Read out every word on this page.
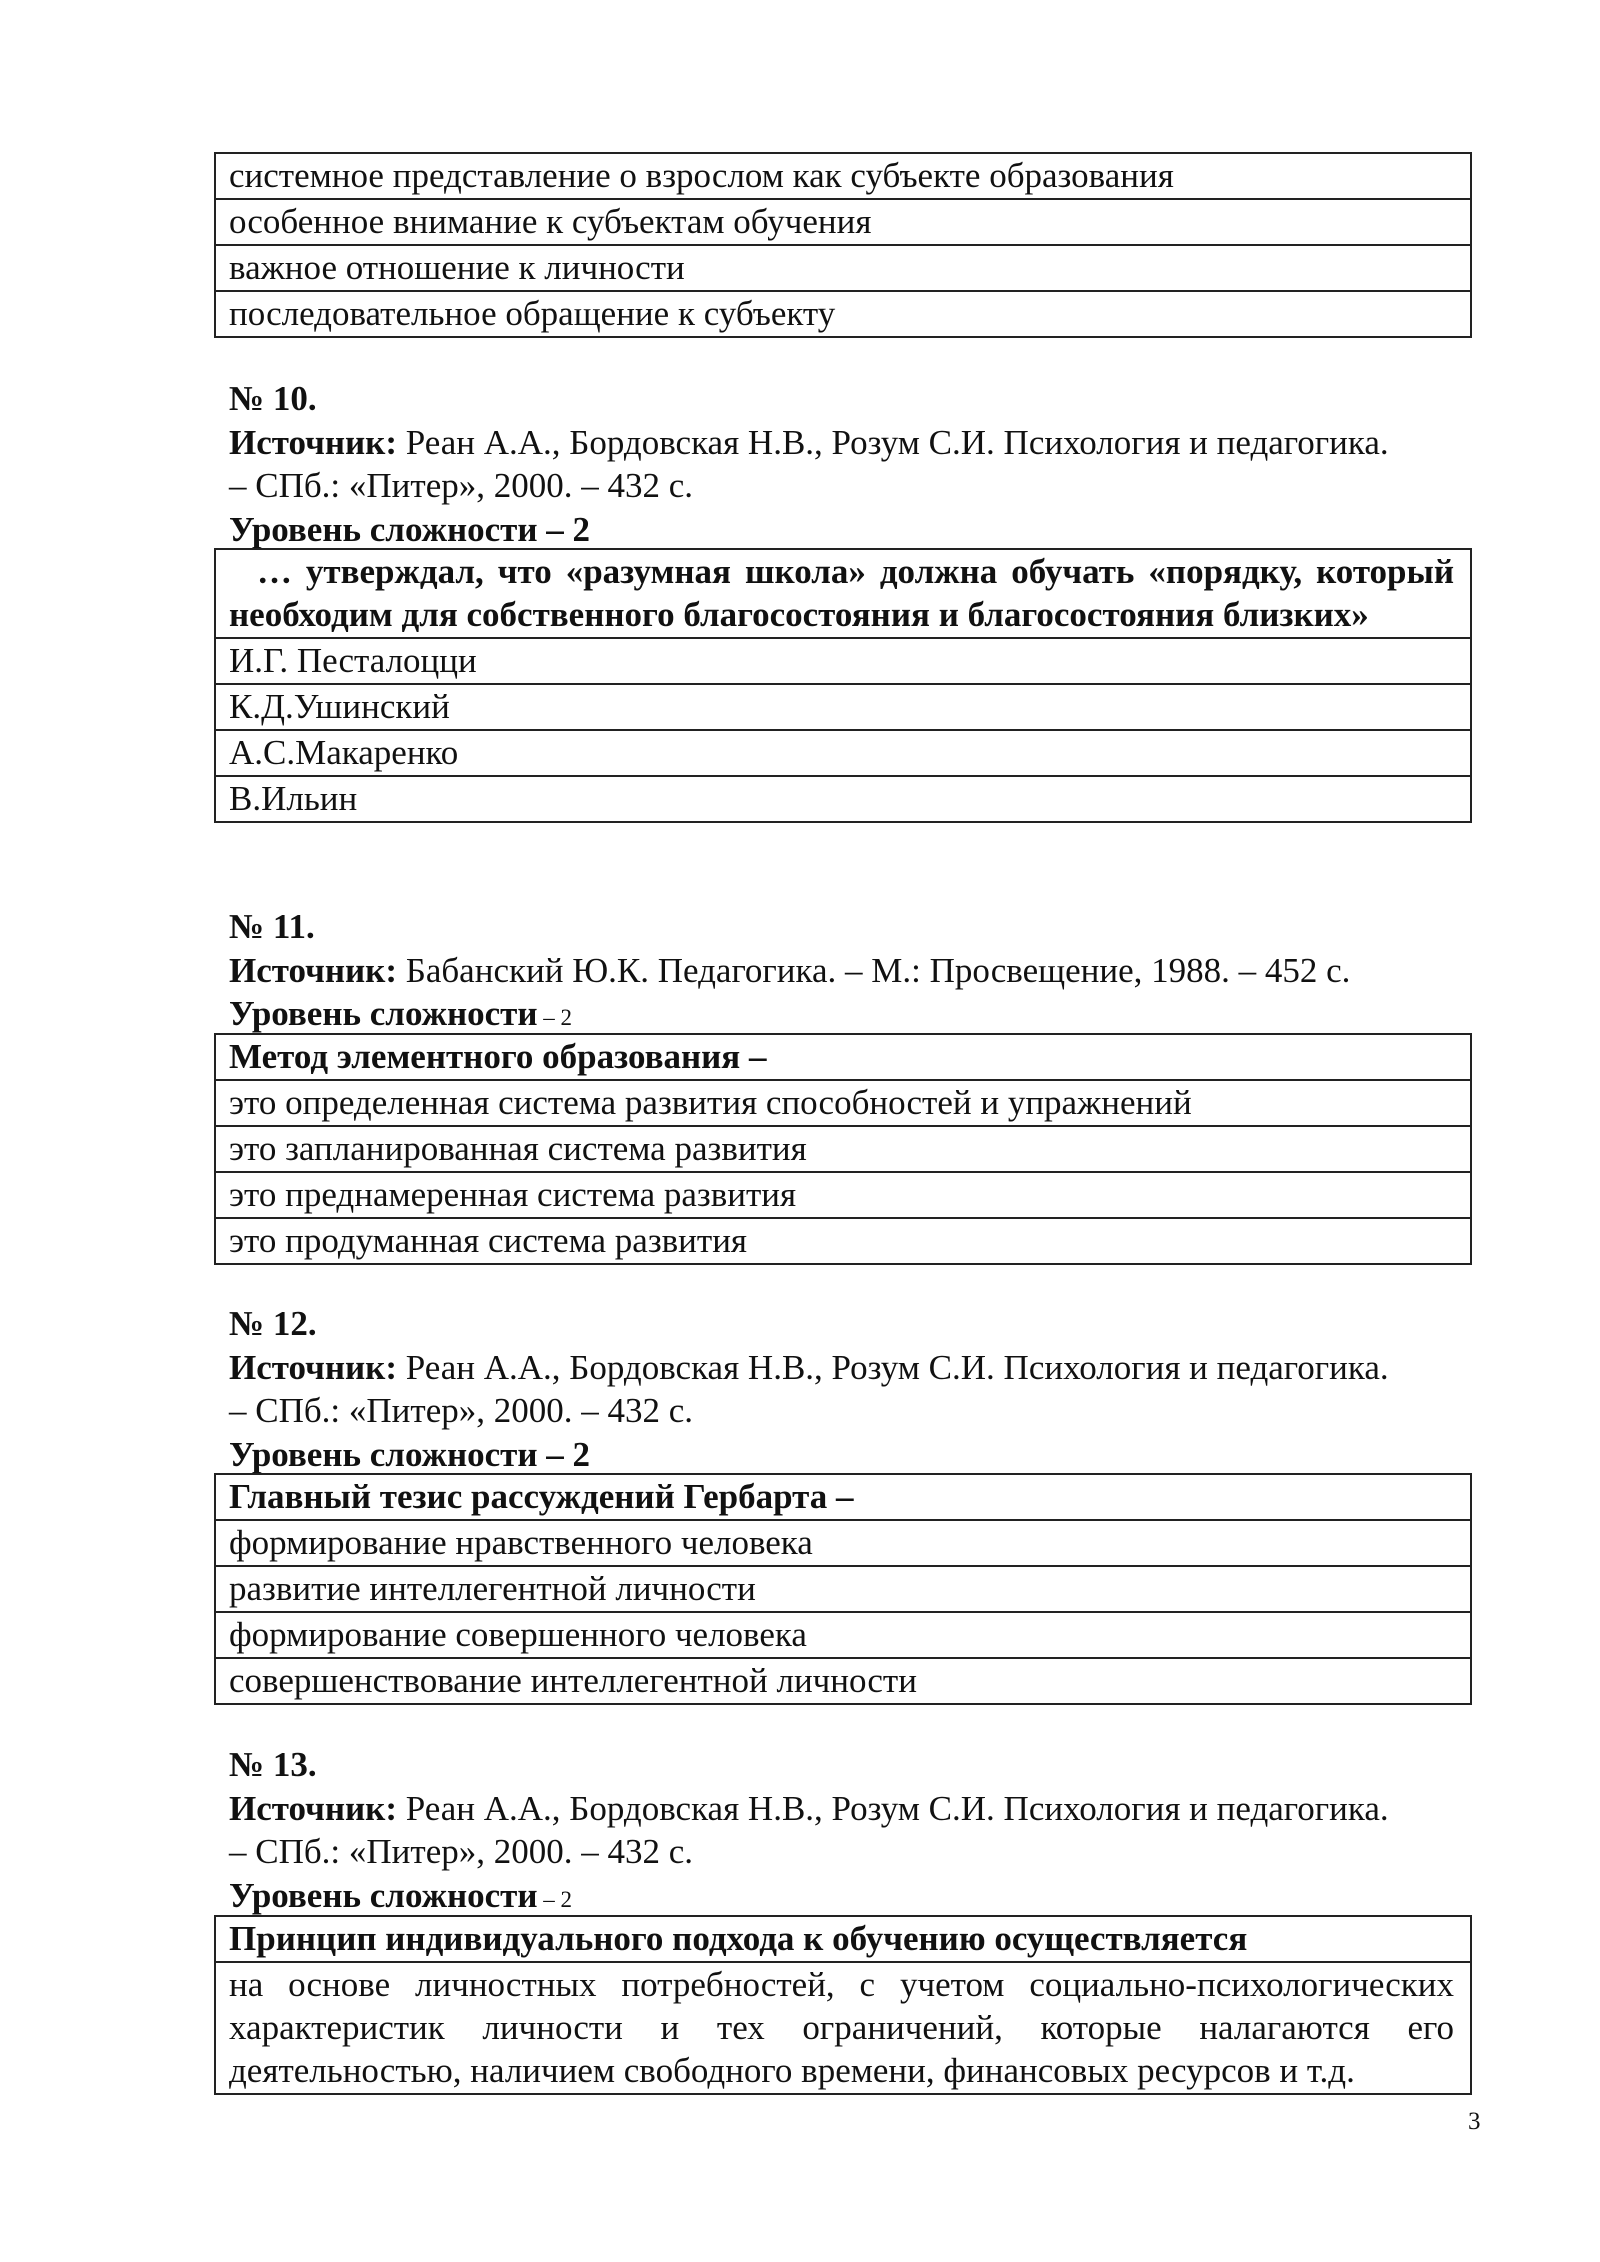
системное представление о взрослом как субъекте образования
особенное внимание к субъектам обучения
важное отношение к личности
последовательное обращение к субъекту
№ 10.
Источник: Реан А.А., Бордовская Н.В., Розум С.И. Психология и педагогика.
– СПб.: «Питер», 2000. – 432 с.
Уровень сложности – 2
… утверждал, что «разумная школа» должна обучать «порядку, который необходим для собственного благосостояния и благосостояния близких»
И.Г. Песталоцци
К.Д.Ушинский
А.С.Макаренко
В.Ильин
№ 11.
Источник: Бабанский Ю.К. Педагогика. – М.: Просвещение, 1988. – 452 с.
Уровень сложности – 2
Метод элементного образования –
это определенная система развития способностей и упражнений
это запланированная система развития
это преднамеренная система развития
это продуманная система развития
№ 12.
Источник: Реан А.А., Бордовская Н.В., Розум С.И. Психология и педагогика.
– СПб.: «Питер», 2000. – 432 с.
Уровень сложности – 2
Главный тезис рассуждений Гербарта –
формирование нравственного человека
развитие интеллегентной личности
формирование совершенного человека
совершенствование интеллегентной личности
№ 13.
Источник: Реан А.А., Бордовская Н.В., Розум С.И. Психология и педагогика.
– СПб.: «Питер», 2000. – 432 с.
Уровень сложности – 2
Принцип индивидуального подхода к обучению осуществляется
на основе личностных потребностей, с учетом социально-психологических характеристик личности и тех ограничений, которые налагаются его деятельностью, наличием свободного времени, финансовых ресурсов и т.д.
3
